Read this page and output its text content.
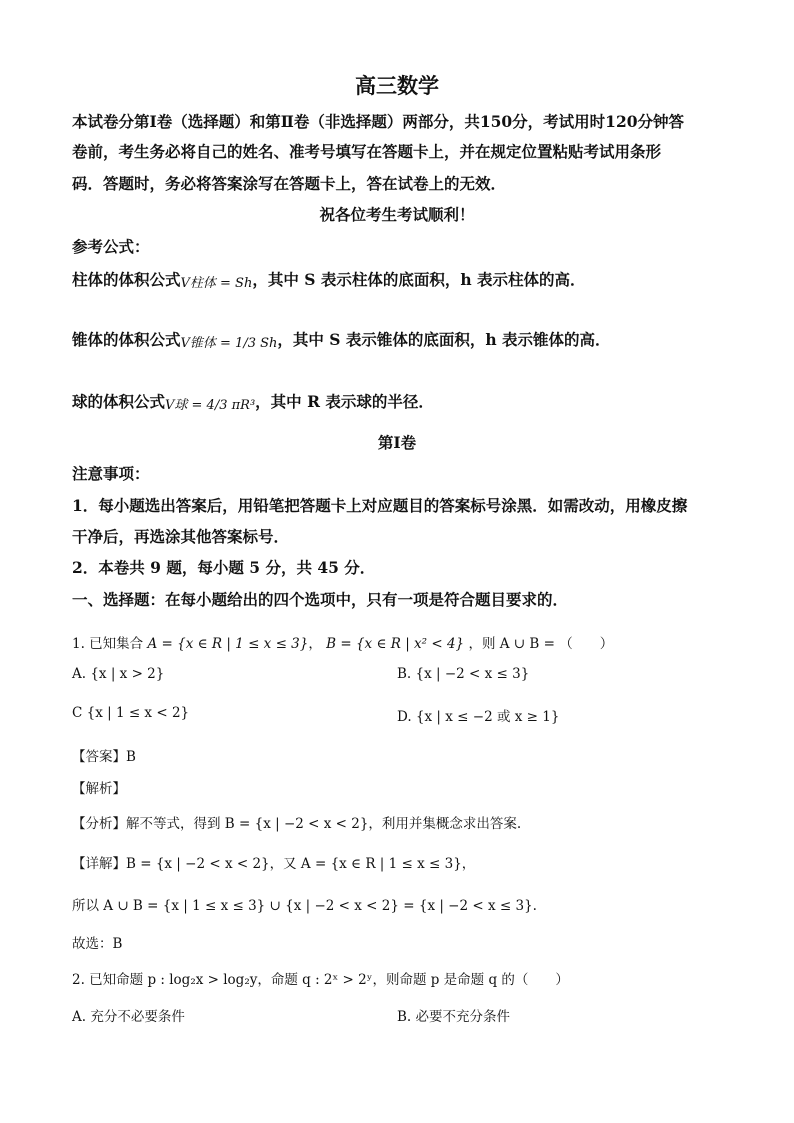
高三数学
本试卷分第Ⅰ卷（选择题）和第Ⅱ卷（非选择题）两部分，共150分，考试用时120分钟答
卷前，考生务必将自己的姓名、准考号填写在答题卡上，并在规定位置粘贴考试用条形
码．答题时，务必将答案涂写在答题卡上，答在试卷上的无效．
祝各位考生考试顺利！
参考公式：
柱体的体积公式V柱体 = Sh，其中 S 表示柱体的底面积，h 表示柱体的高．
锥体的体积公式V锥体 = 1/3 Sh，其中 S 表示锥体的底面积，h 表示锥体的高．
球的体积公式V球 = 4/3 πR³，其中 R 表示球的半径．
第Ⅰ卷
注意事项：
1．每小题选出答案后，用铅笔把答题卡上对应题目的答案标号涂黑．如需改动，用橡皮擦
干净后，再选涂其他答案标号．
2．本卷共 9 题，每小题 5 分，共 45 分．
一、选择题：在每小题给出的四个选项中，只有一项是符合题目要求的．
1. 已知集合 A = {x ∈ R | 1 ≤ x ≤ 3}， B = {x ∈ R | x² < 4} ，则 A ∪ B = （　　）
A. {x | x > 2}	B. {x | −2 < x ≤ 3}
C {x | 1 ≤ x < 2}	D. {x | x ≤ −2 或 x ≥ 1}
【答案】B
【解析】
【分析】解不等式，得到 B = {x | −2 < x < 2}，利用并集概念求出答案.
【详解】B = {x | −2 < x < 2}，又 A = {x ∈ R | 1 ≤ x ≤ 3}，
所以 A ∪ B = {x | 1 ≤ x ≤ 3} ∪ {x | −2 < x < 2} = {x | −2 < x ≤ 3}.
故选：B
2. 已知命题 p : log₂x > log₂y，命题 q : 2ˣ > 2ʸ，则命题 p 是命题 q 的（　　）
A. 充分不必要条件	B. 必要不充分条件
